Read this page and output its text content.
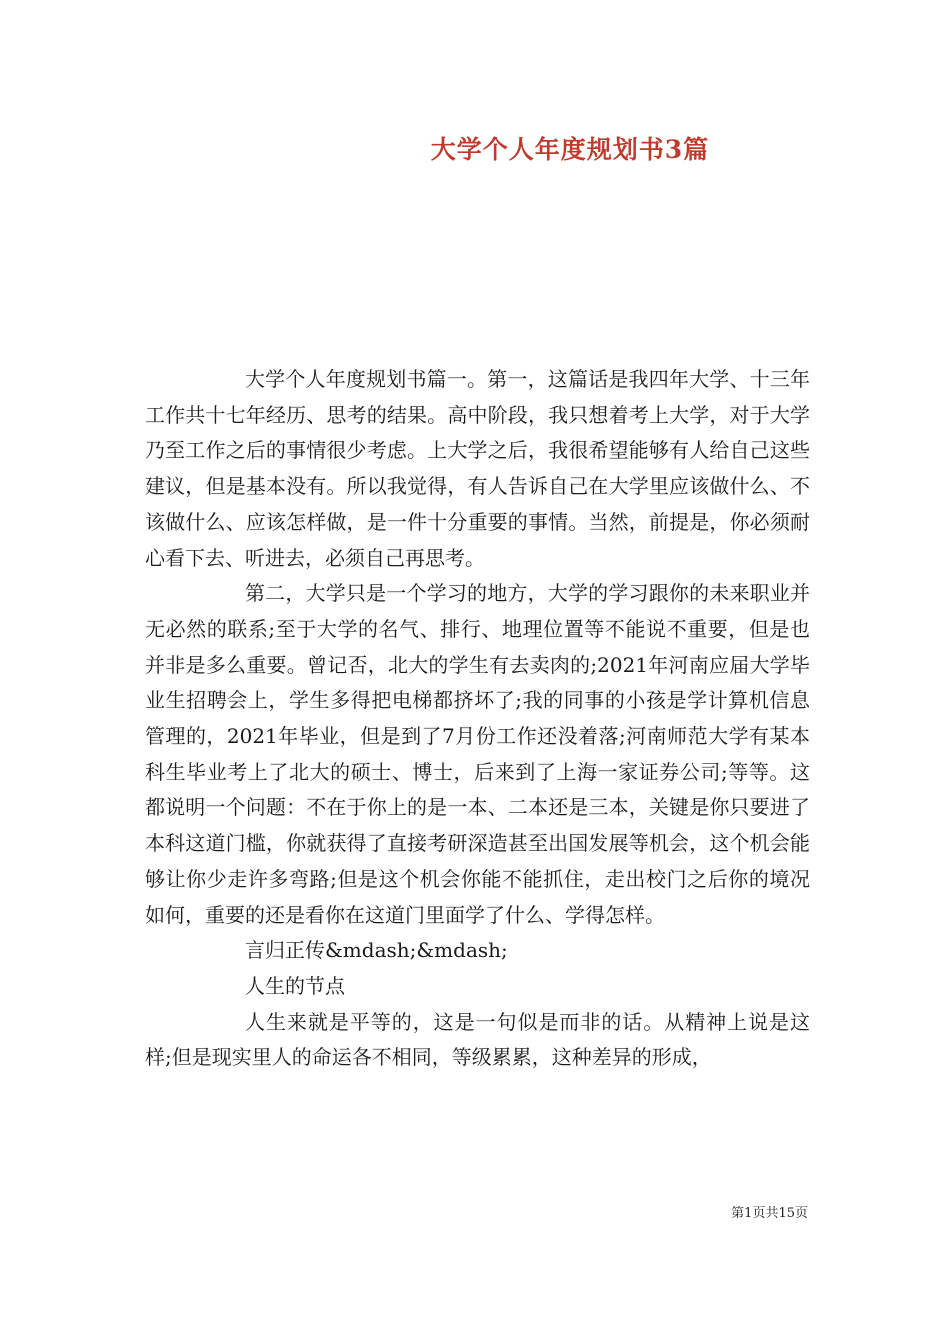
大学个人年度规划书3篇

大学个人年度规划书篇一。第一，这篇话是我四年大学、十三年工作共十七年经历、思考的结果。高中阶段，我只想着考上大学，对于大学乃至工作之后的事情很少考虑。上大学之后，我很希望能够有人给自己这些建议，但是基本没有。所以我觉得，有人告诉自己在大学里应该做什么、不该做什么、应该怎样做，是一件十分重要的事情。当然，前提是，你必须耐心看下去、听进去，必须自己再思考。

第二，大学只是一个学习的地方，大学的学习跟你的未来职业并无必然的联系;至于大学的名气、排行、地理位置等不能说不重要，但是也并非是多么重要。曾记否，北大的学生有去卖肉的;2021年河南应届大学毕业生招聘会上，学生多得把电梯都挤坏了;我的同事的小孩是学计算机信息管理的，2021年毕业，但是到了7月份工作还没着落;河南师范大学有某本科生毕业考上了北大的硕士、博士，后来到了上海一家证券公司;等等。这都说明一个问题：不在于你上的是一本、二本还是三本，关键是你只要进了本科这道门槛，你就获得了直接考研深造甚至出国发展等机会，这个机会能够让你少走许多弯路;但是这个机会你能不能抓住，走出校门之后你的境况如何，重要的还是看你在这道门里面学了什么、学得怎样。

言归正传&mdash;&mdash;

人生的节点

人生来就是平等的，这是一句似是而非的话。从精神上说是这样;但是现实里人的命运各不相同，等级累累，这种差异的形成，

第1页共15页
